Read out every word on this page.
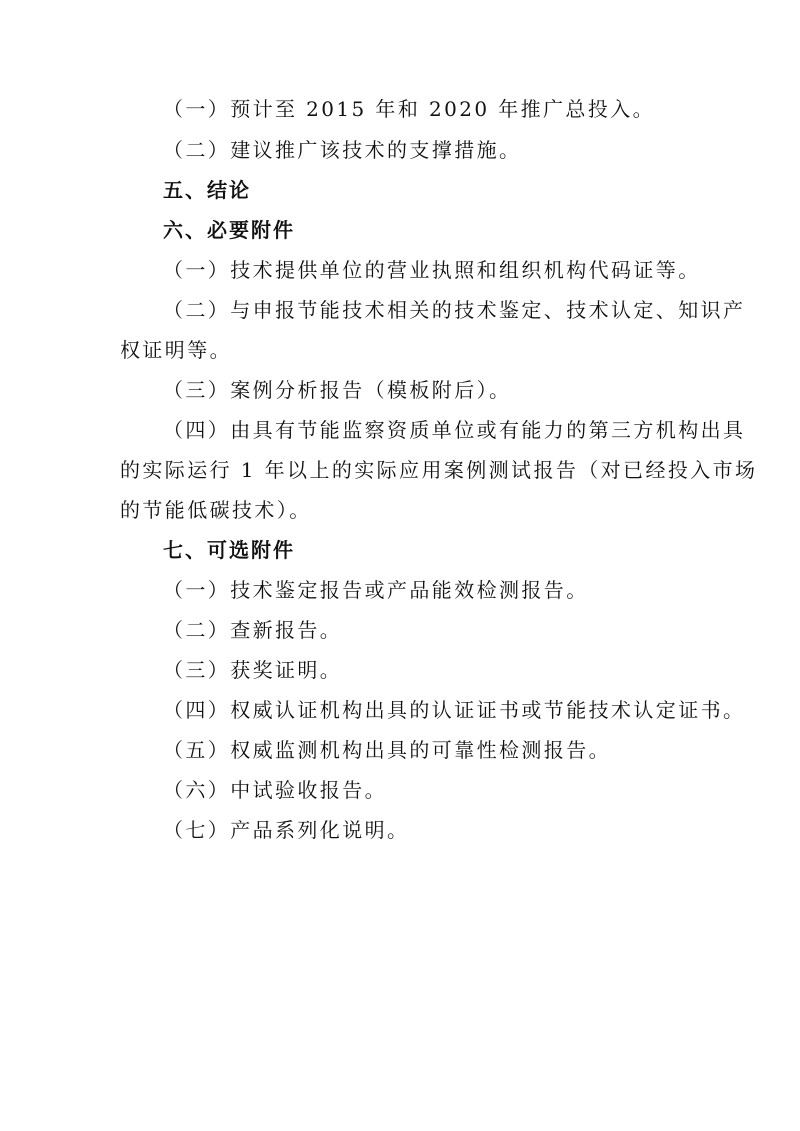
（一）预计至 2015 年和 2020 年推广总投入。
（二）建议推广该技术的支撑措施。
五、结论
六、必要附件
（一）技术提供单位的营业执照和组织机构代码证等。
（二）与申报节能技术相关的技术鉴定、技术认定、知识产
权证明等。
（三）案例分析报告（模板附后）。
（四）由具有节能监察资质单位或有能力的第三方机构出具
的实际运行 1 年以上的实际应用案例测试报告（对已经投入市场
的节能低碳技术）。
七、可选附件
（一）技术鉴定报告或产品能效检测报告。
（二）查新报告。
（三）获奖证明。
（四）权威认证机构出具的认证证书或节能技术认定证书。
（五）权威监测机构出具的可靠性检测报告。
（六）中试验收报告。
（七）产品系列化说明。
